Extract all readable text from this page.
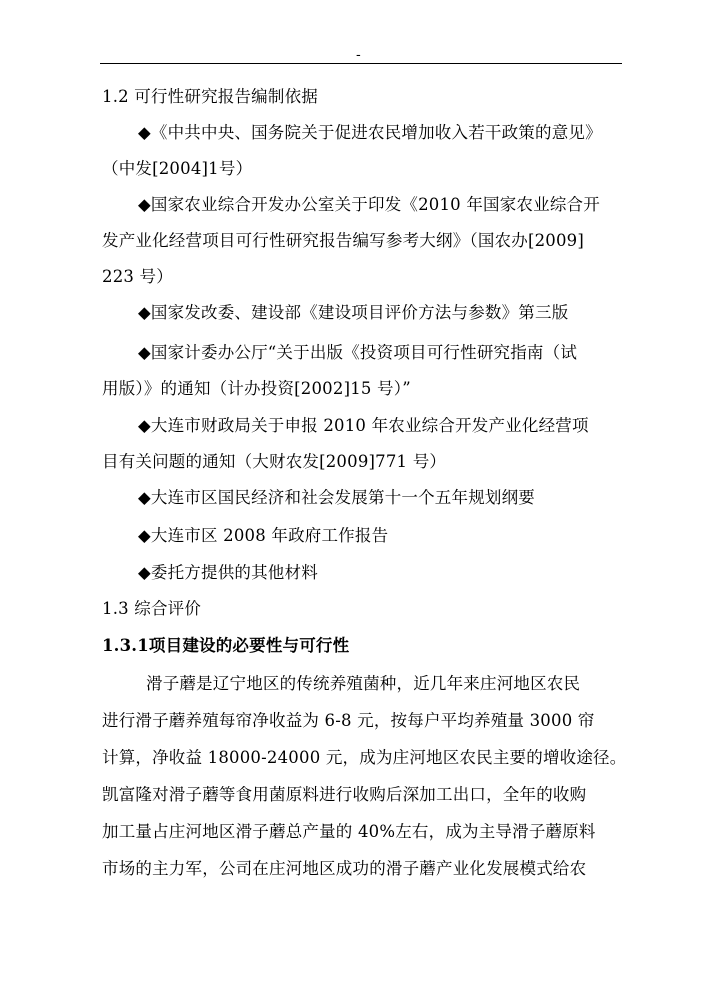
-
1.2 可行性研究报告编制依据
◆《中共中央、国务院关于促进农民增加收入若干政策的意见》
（中发[2004]1号）
◆国家农业综合开发办公室关于印发《2010 年国家农业综合开
发产业化经营项目可行性研究报告编写参考大纲》（国农办[2009]
223 号）
◆国家发改委、建设部《建设项目评价方法与参数》第三版
◆国家计委办公厅“关于出版《投资项目可行性研究指南（试
用版）》的通知（计办投资[2002]15 号）”
◆大连市财政局关于申报 2010 年农业综合开发产业化经营项
目有关问题的通知（大财农发[2009]771 号）
◆大连市区国民经济和社会发展第十一个五年规划纲要
◆大连市区 2008 年政府工作报告
◆委托方提供的其他材料
1.3 综合评价
1.3.1项目建设的必要性与可行性
滑子蘑是辽宁地区的传统养殖菌种，近几年来庄河地区农民
进行滑子蘑养殖每帘净收益为 6-8 元，按每户平均养殖量 3000 帘
计算，净收益 18000-24000 元，成为庄河地区农民主要的增收途径。
凯富隆对滑子蘑等食用菌原料进行收购后深加工出口，全年的收购
加工量占庄河地区滑子蘑总产量的 40%左右，成为主导滑子蘑原料
市场的主力军，公司在庄河地区成功的滑子蘑产业化发展模式给农
